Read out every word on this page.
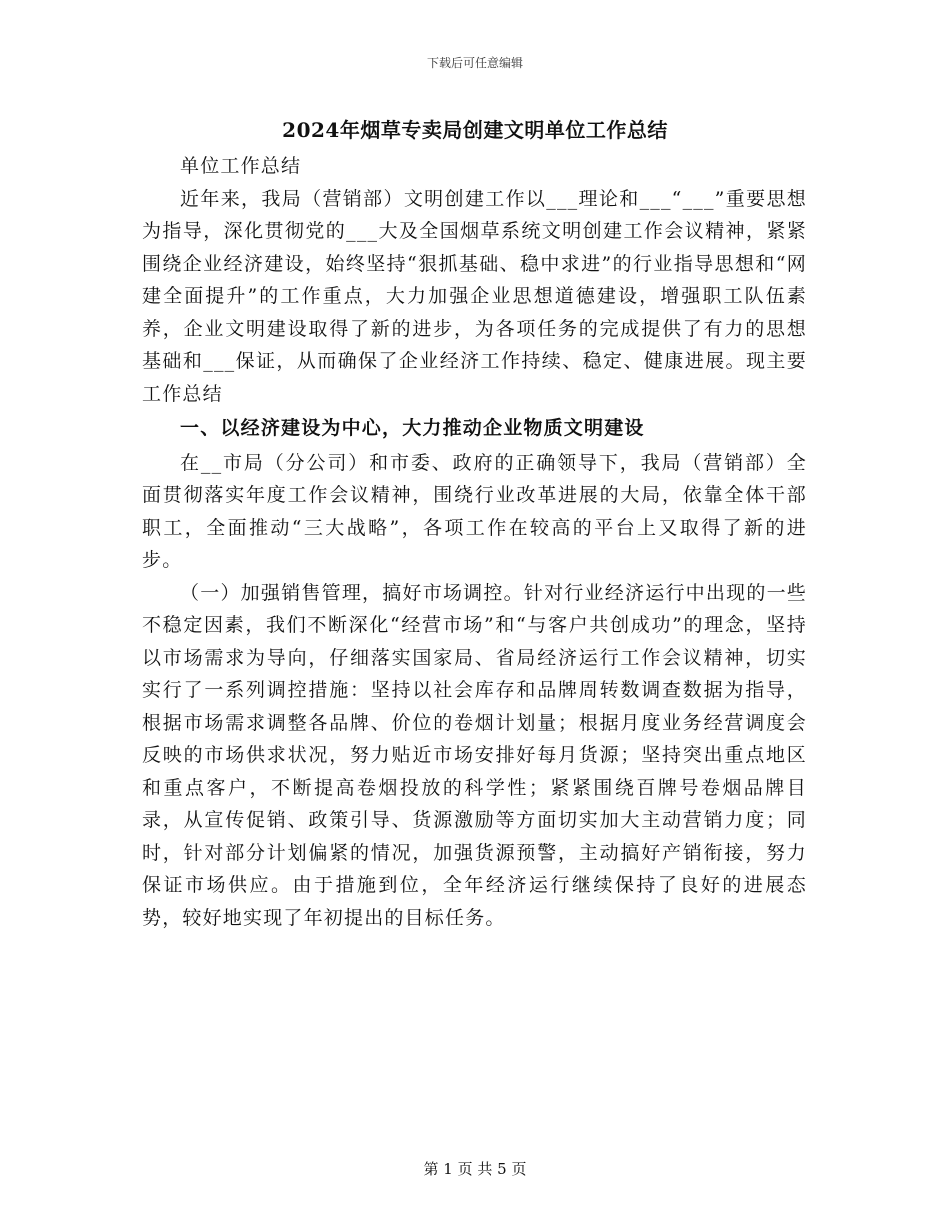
下载后可任意编辑
2024年烟草专卖局创建文明单位工作总结

单位工作总结

近年来，我局（营销部）文明创建工作以___理论和___“___”重要思想为指导，深化贯彻党的___大及全国烟草系统文明创建工作会议精神，紧紧围绕企业经济建设，始终坚持“狠抓基础、稳中求进”的行业指导思想和“网建全面提升”的工作重点，大力加强企业思想道德建设，增强职工队伍素养，企业文明建设取得了新的进步，为各项任务的完成提供了有力的思想基础和___保证，从而确保了企业经济工作持续、稳定、健康进展。现主要工作总结

一、以经济建设为中心，大力推动企业物质文明建设

在__市局（分公司）和市委、政府的正确领导下，我局（营销部）全面贯彻落实年度工作会议精神，围绕行业改革进展的大局，依靠全体干部职工，全面推动“三大战略”，各项工作在较高的平台上又取得了新的进步。

（一）加强销售管理，搞好市场调控。针对行业经济运行中出现的一些不稳定因素，我们不断深化“经营市场”和“与客户共创成功”的理念，坚持以市场需求为导向，仔细落实国家局、省局经济运行工作会议精神，切实实行了一系列调控措施：坚持以社会库存和品牌周转数调查数据为指导，根据市场需求调整各品牌、价位的卷烟计划量；根据月度业务经营调度会反映的市场供求状况，努力贴近市场安排好每月货源；坚持突出重点地区和重点客户，不断提高卷烟投放的科学性；紧紧围绕百牌号卷烟品牌目录，从宣传促销、政策引导、货源激励等方面切实加大主动营销力度；同时，针对部分计划偏紧的情况，加强货源预警，主动搞好产销衔接，努力保证市场供应。由于措施到位，全年经济运行继续保持了良好的进展态势，较好地实现了年初提出的目标任务。

第 1 页 共 5 页
